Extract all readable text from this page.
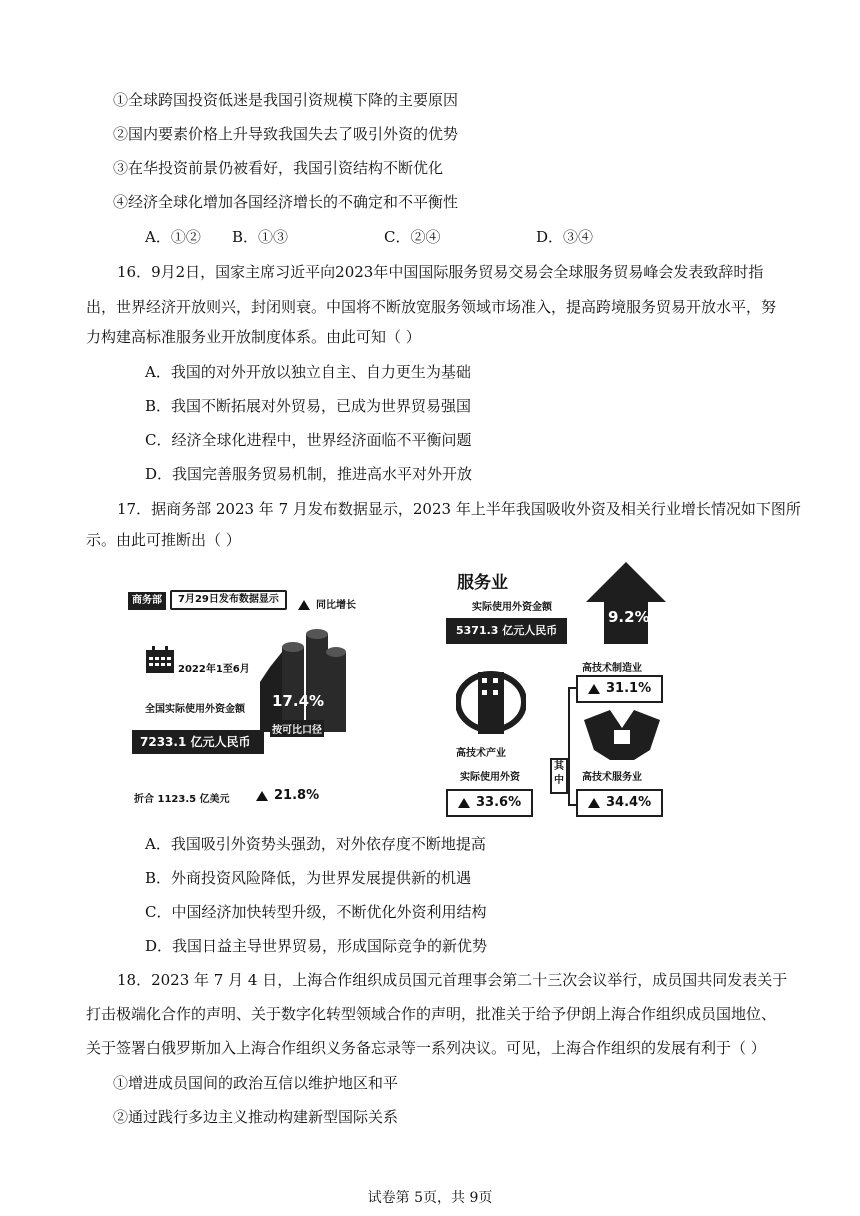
①全球跨国投资低迷是我国引资规模下降的主要原因
②国内要素价格上升导致我国失去了吸引外资的优势
③在华投资前景仍被看好，我国引资结构不断优化
④经济全球化增加各国经济增长的不确定和不平衡性
A．①② B．①③	C．②④	D．③④
16．9月2日，国家主席习近平向2023年中国国际服务贸易交易会全球服务贸易峰会发表致辞时指
出，世界经济开放则兴，封闭则衰。中国将不断放宽服务领域市场准入，提高跨境服务贸易开放水平，努
力构建高标准服务业开放制度体系。由此可知（ ）
A．我国的对外开放以独立自主、自力更生为基础
B．我国不断拓展对外贸易，已成为世界贸易强国
C．经济全球化进程中，世界经济面临不平衡问题
D．我国完善服务贸易机制，推进高水平对外开放
17．据商务部 2023 年 7 月发布数据显示，2023 年上半年我国吸收外资及相关行业增长情况如下图所
示。由此可推断出（ ）
商务部	7月29日发布数据显示
同比增长
2022年1至6月
全国实际使用外资金额
7233.1 亿元人民币
17.4%
按可比口径
折合 1123.5 亿美元	21.8%
服务业
实际使用外资金额
5371.3 亿元人民币
9.2%
高技术产业
实际使用外资
33.6%
其中
高技术制造业
31.1%
高技术服务业
34.4%
A．我国吸引外资势头强劲，对外依存度不断地提高
B．外商投资风险降低，为世界发展提供新的机遇
C．中国经济加快转型升级，不断优化外资利用结构
D．我国日益主导世界贸易，形成国际竞争的新优势
18．2023 年 7 月 4 日，上海合作组织成员国元首理事会第二十三次会议举行，成员国共同发表关于
打击极端化合作的声明、关于数字化转型领域合作的声明，批准关于给予伊朗上海合作组织成员国地位、
关于签署白俄罗斯加入上海合作组织义务备忘录等一系列决议。可见，上海合作组织的发展有利于（ ）
①增进成员国间的政治互信以维护地区和平
②通过践行多边主义推动构建新型国际关系
试卷第 5页，共 9页
